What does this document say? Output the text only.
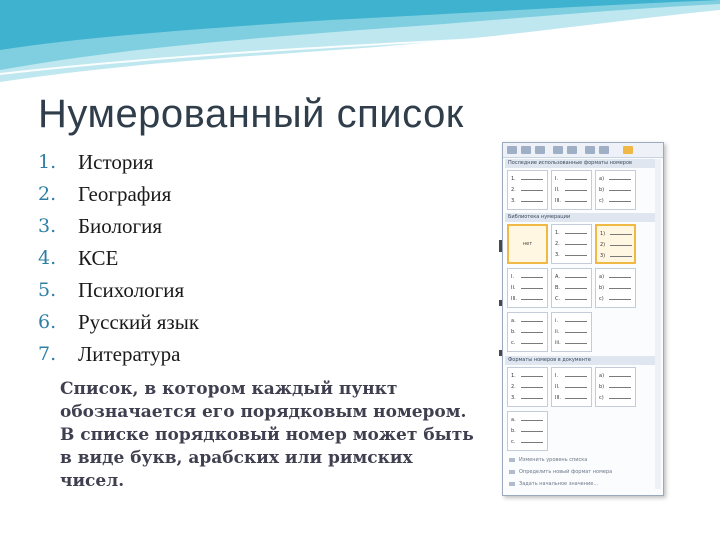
Нумерованный список
1.	История
2.	География
3.	Биология
4.	КСЕ
5.	Психология
6.	Русский язык
7.	Литература
Список, в котором каждый пункт обозначается его порядковым номером. В списке порядковый номер может быть в виде букв, арабских или римских чисел.
Последние использованные форматы номеров
1.
2.
3.
I.
II.
III.
a)
b)
c)
Библиотека нумерации
нет
1.
2.
3.
1)
2)
3)
I.
II.
III.
A.
B.
C.
a)
b)
c)
a.
b.
c.
i.
ii.
iii.
Форматы номеров в документе
1.
2.
3.
I.
II.
III.
a)
b)
c)
a.
b.
c.
Изменить уровень списка
Определить новый формат номера
Задать начальное значение...
